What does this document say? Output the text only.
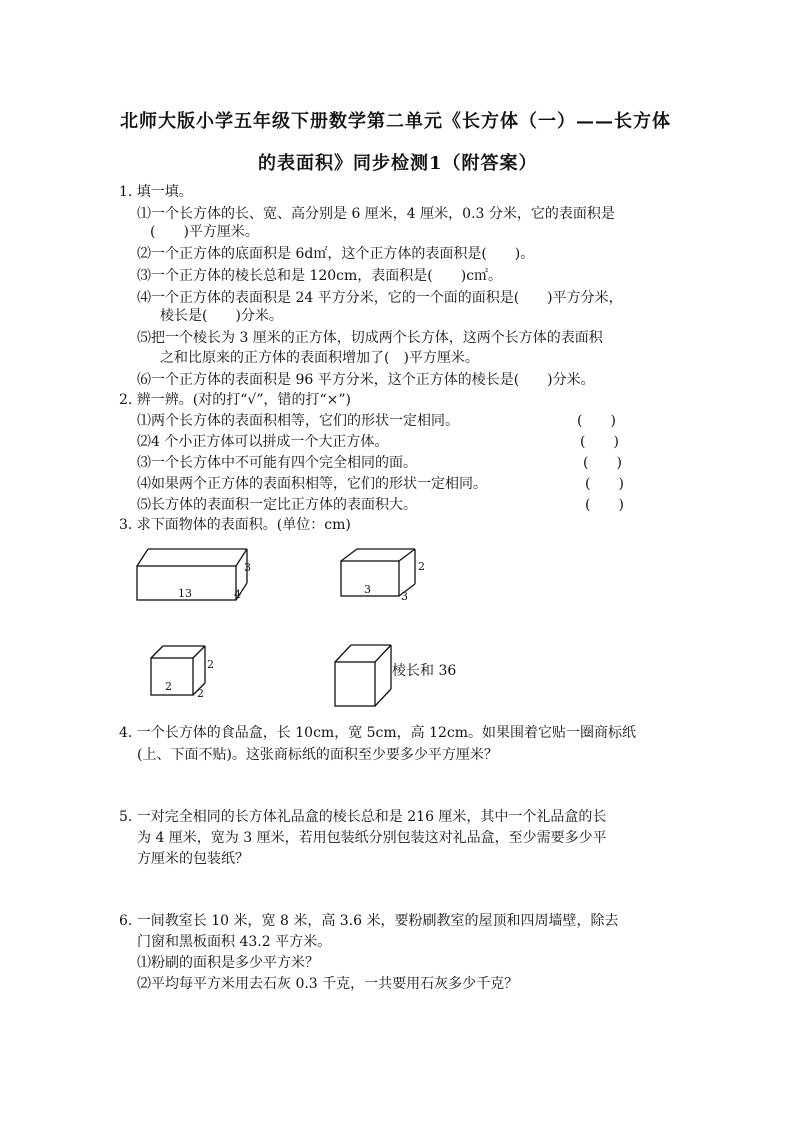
北师大版小学五年级下册数学第二单元《长方体（一）——长方体
的表面积》同步检测1（附答案）
1. 填一填。
⑴一个长方体的长、宽、高分别是 6 厘米，4 厘米，0.3 分米，它的表面积是
(　　)平方厘米。
⑵一个正方体的底面积是 6d㎡，这个正方体的表面积是(　　)。
⑶一个正方体的棱长总和是 120cm，表面积是(　　)c㎡。
⑷一个正方体的表面积是 24 平方分米，它的一个面的面积是(　　)平方分米，
棱长是(　　)分米。
⑸把一个棱长为 3 厘米的正方体，切成两个长方体，这两个长方体的表面积
之和比原来的正方体的表面积增加了(　)平方厘米。
⑹一个正方体的表面积是 96 平方分米，这个正方体的棱长是(　　)分米。
2. 辨一辨。(对的打“√”，错的打“×”)
⑴两个长方体的表面积相等，它们的形状一定相同。	(　　)
⑵4 个小正方体可以拼成一个大正方体。	(　　)
⑶一个长方体中不可能有四个完全相同的面。	(　　)
⑷如果两个正方体的表面积相等，它们的形状一定相同。	(　　)
⑸长方体的表面积一定比正方体的表面积大。	(　　)
3. 求下面物体的表面积。(单位：cm)
13	4
3
3
3
2
2
2
2	棱长和 36
4. 一个长方体的食品盒，长 10cm，宽 5cm，高 12cm。如果围着它贴一圈商标纸
(上、下面不贴)。这张商标纸的面积至少要多少平方厘米？
5. 一对完全相同的长方体礼品盒的棱长总和是 216 厘米，其中一个礼品盒的长
为 4 厘米，宽为 3 厘米，若用包装纸分别包装这对礼品盒，至少需要多少平
方厘米的包装纸？
6. 一间教室长 10 米，宽 8 米，高 3.6 米，要粉刷教室的屋顶和四周墙壁，除去
门窗和黑板面积 43.2 平方米。
⑴粉刷的面积是多少平方米？
⑵平均每平方米用去石灰 0.3 千克，一共要用石灰多少千克？
